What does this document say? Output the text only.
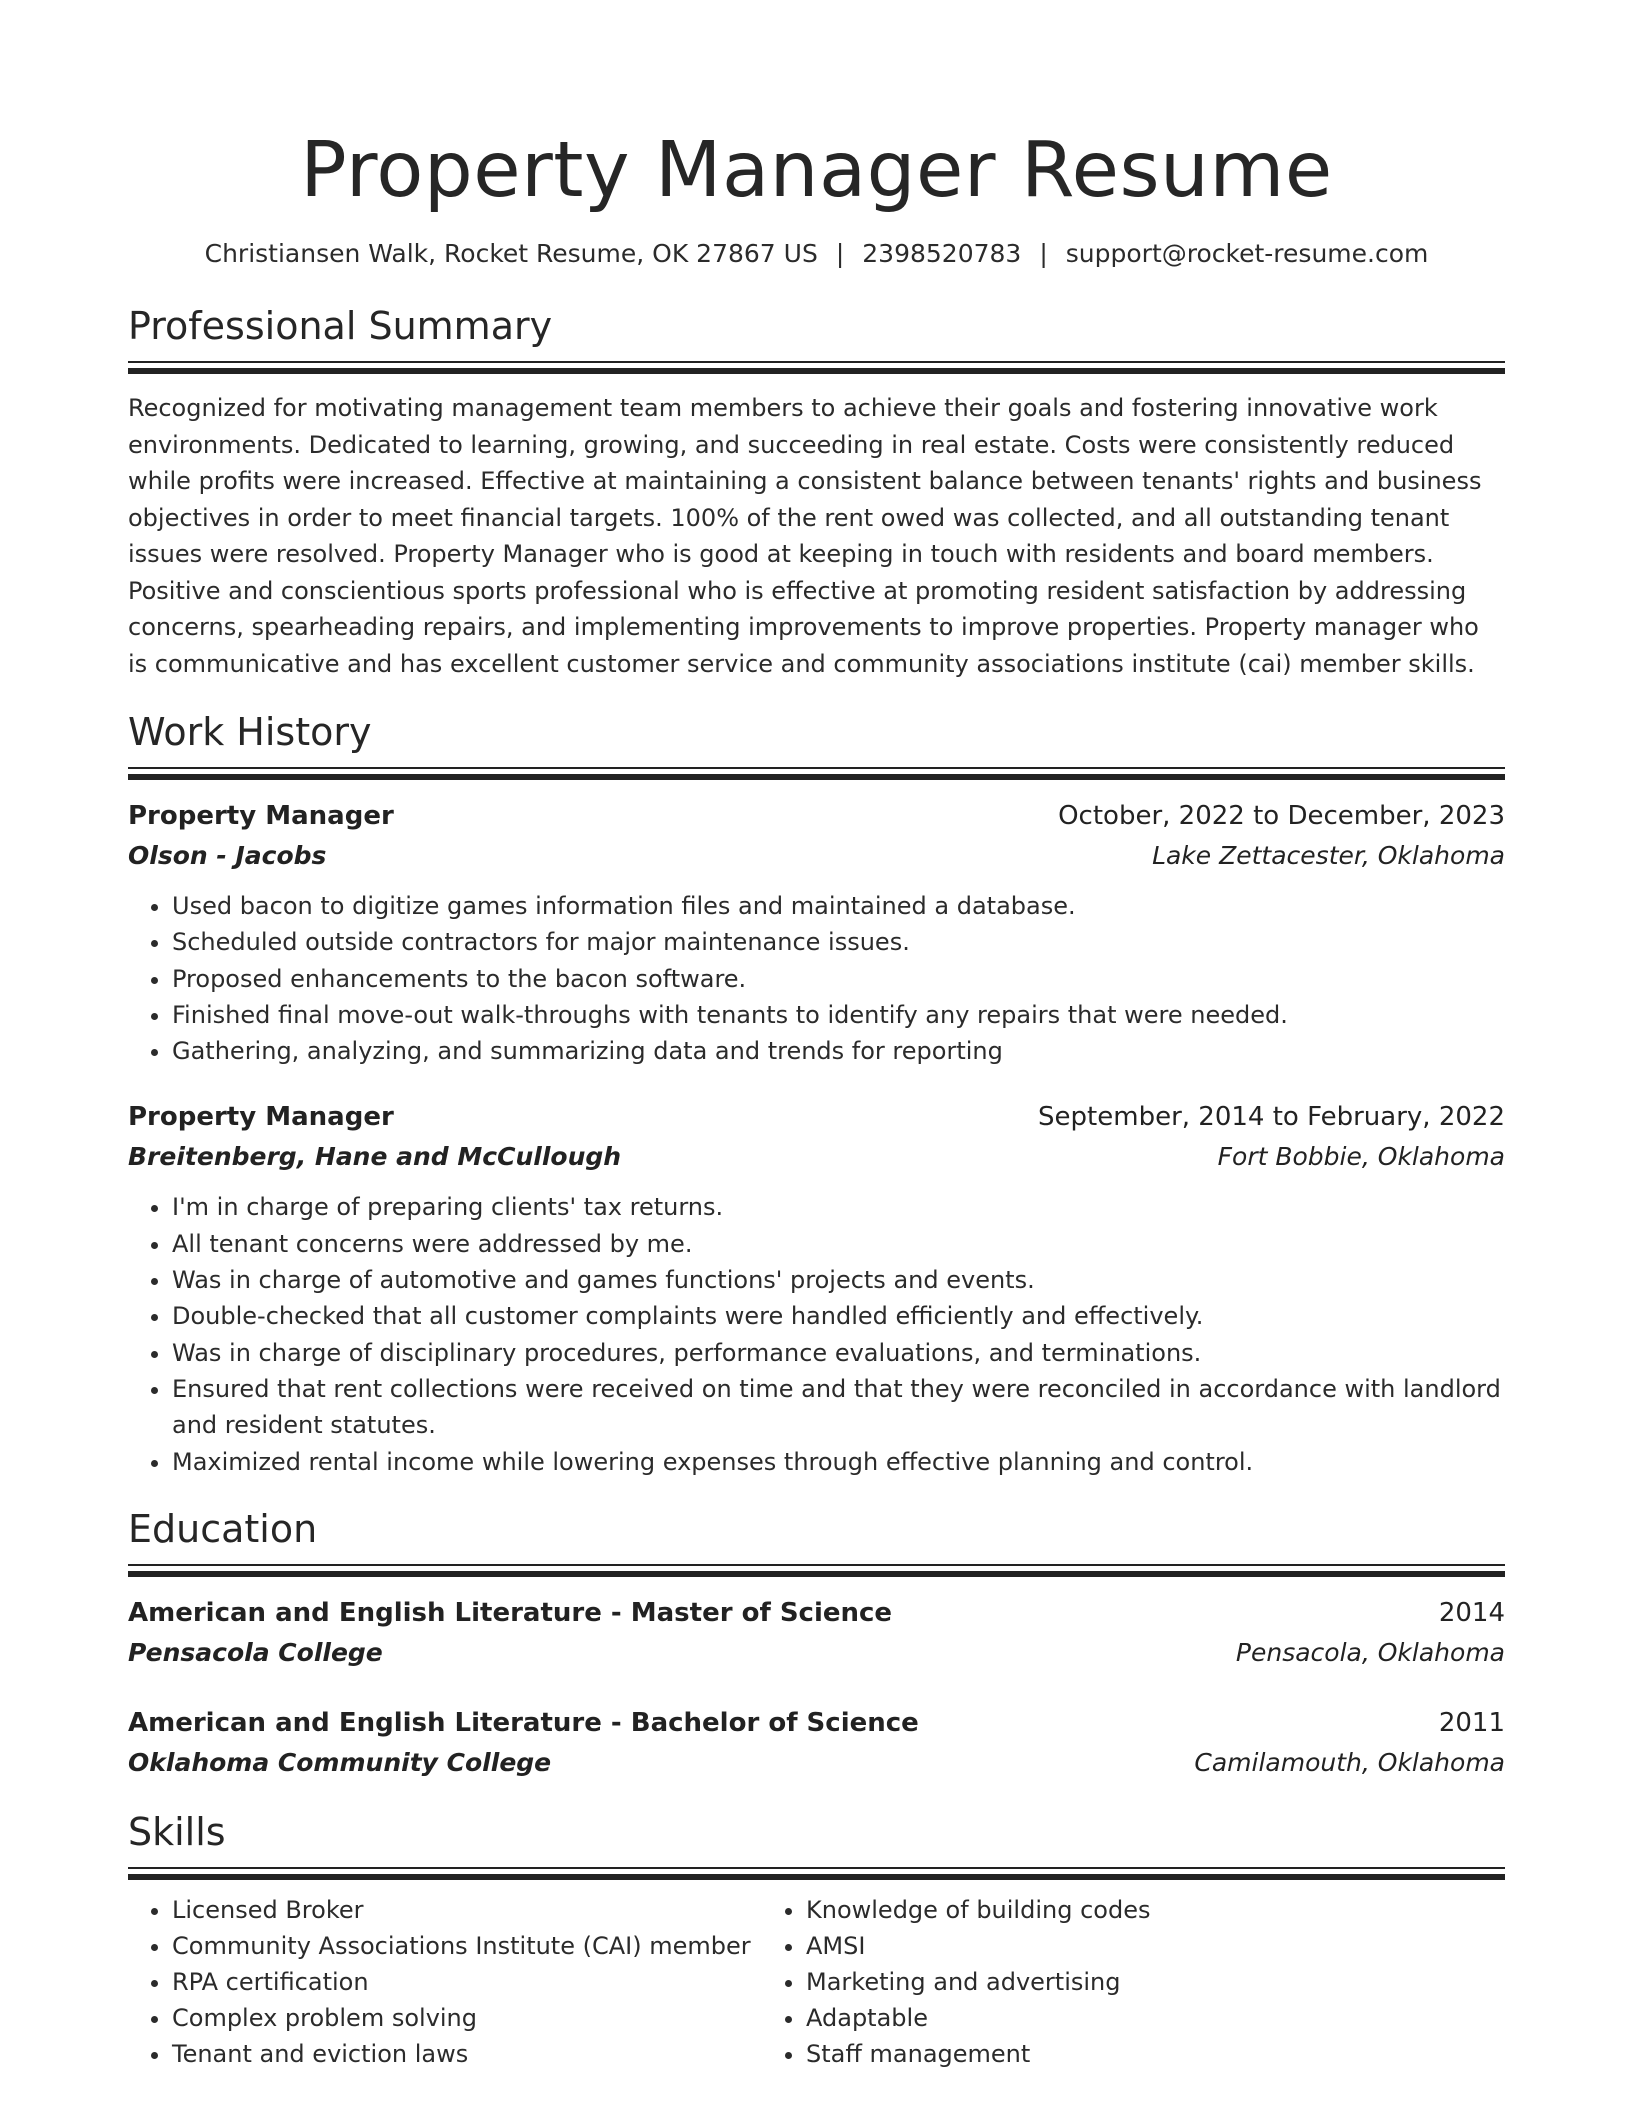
Property Manager Resume
Christiansen Walk, Rocket Resume, OK 27867 US | 2398520783 | support@rocket-resume.com
Professional Summary
Recognized for motivating management team members to achieve their goals and fostering innovative work environments. Dedicated to learning, growing, and succeeding in real estate. Costs were consistently reduced while profits were increased. Effective at maintaining a consistent balance between tenants' rights and business objectives in order to meet financial targets. 100% of the rent owed was collected, and all outstanding tenant issues were resolved. Property Manager who is good at keeping in touch with residents and board members. Positive and conscientious sports professional who is effective at promoting resident satisfaction by addressing concerns, spearheading repairs, and implementing improvements to improve properties. Property manager who is communicative and has excellent customer service and community associations institute (cai) member skills.
Work History
Property Manager	October, 2022 to December, 2023
Olson - Jacobs	Lake Zettacester, Oklahoma
• Used bacon to digitize games information files and maintained a database.
• Scheduled outside contractors for major maintenance issues.
• Proposed enhancements to the bacon software.
• Finished final move-out walk-throughs with tenants to identify any repairs that were needed.
• Gathering, analyzing, and summarizing data and trends for reporting
Property Manager	September, 2014 to February, 2022
Breitenberg, Hane and McCullough	Fort Bobbie, Oklahoma
• I'm in charge of preparing clients' tax returns.
• All tenant concerns were addressed by me.
• Was in charge of automotive and games functions' projects and events.
• Double-checked that all customer complaints were handled efficiently and effectively.
• Was in charge of disciplinary procedures, performance evaluations, and terminations.
• Ensured that rent collections were received on time and that they were reconciled in accordance with landlord and resident statutes.
• Maximized rental income while lowering expenses through effective planning and control.
Education
American and English Literature - Master of Science	2014
Pensacola College	Pensacola, Oklahoma
American and English Literature - Bachelor of Science	2011
Oklahoma Community College	Camilamouth, Oklahoma
Skills
• Licensed Broker
• Community Associations Institute (CAI) member
• RPA certification
• Complex problem solving
• Tenant and eviction laws
• Knowledge of building codes
• AMSI
• Marketing and advertising
• Adaptable
• Staff management
